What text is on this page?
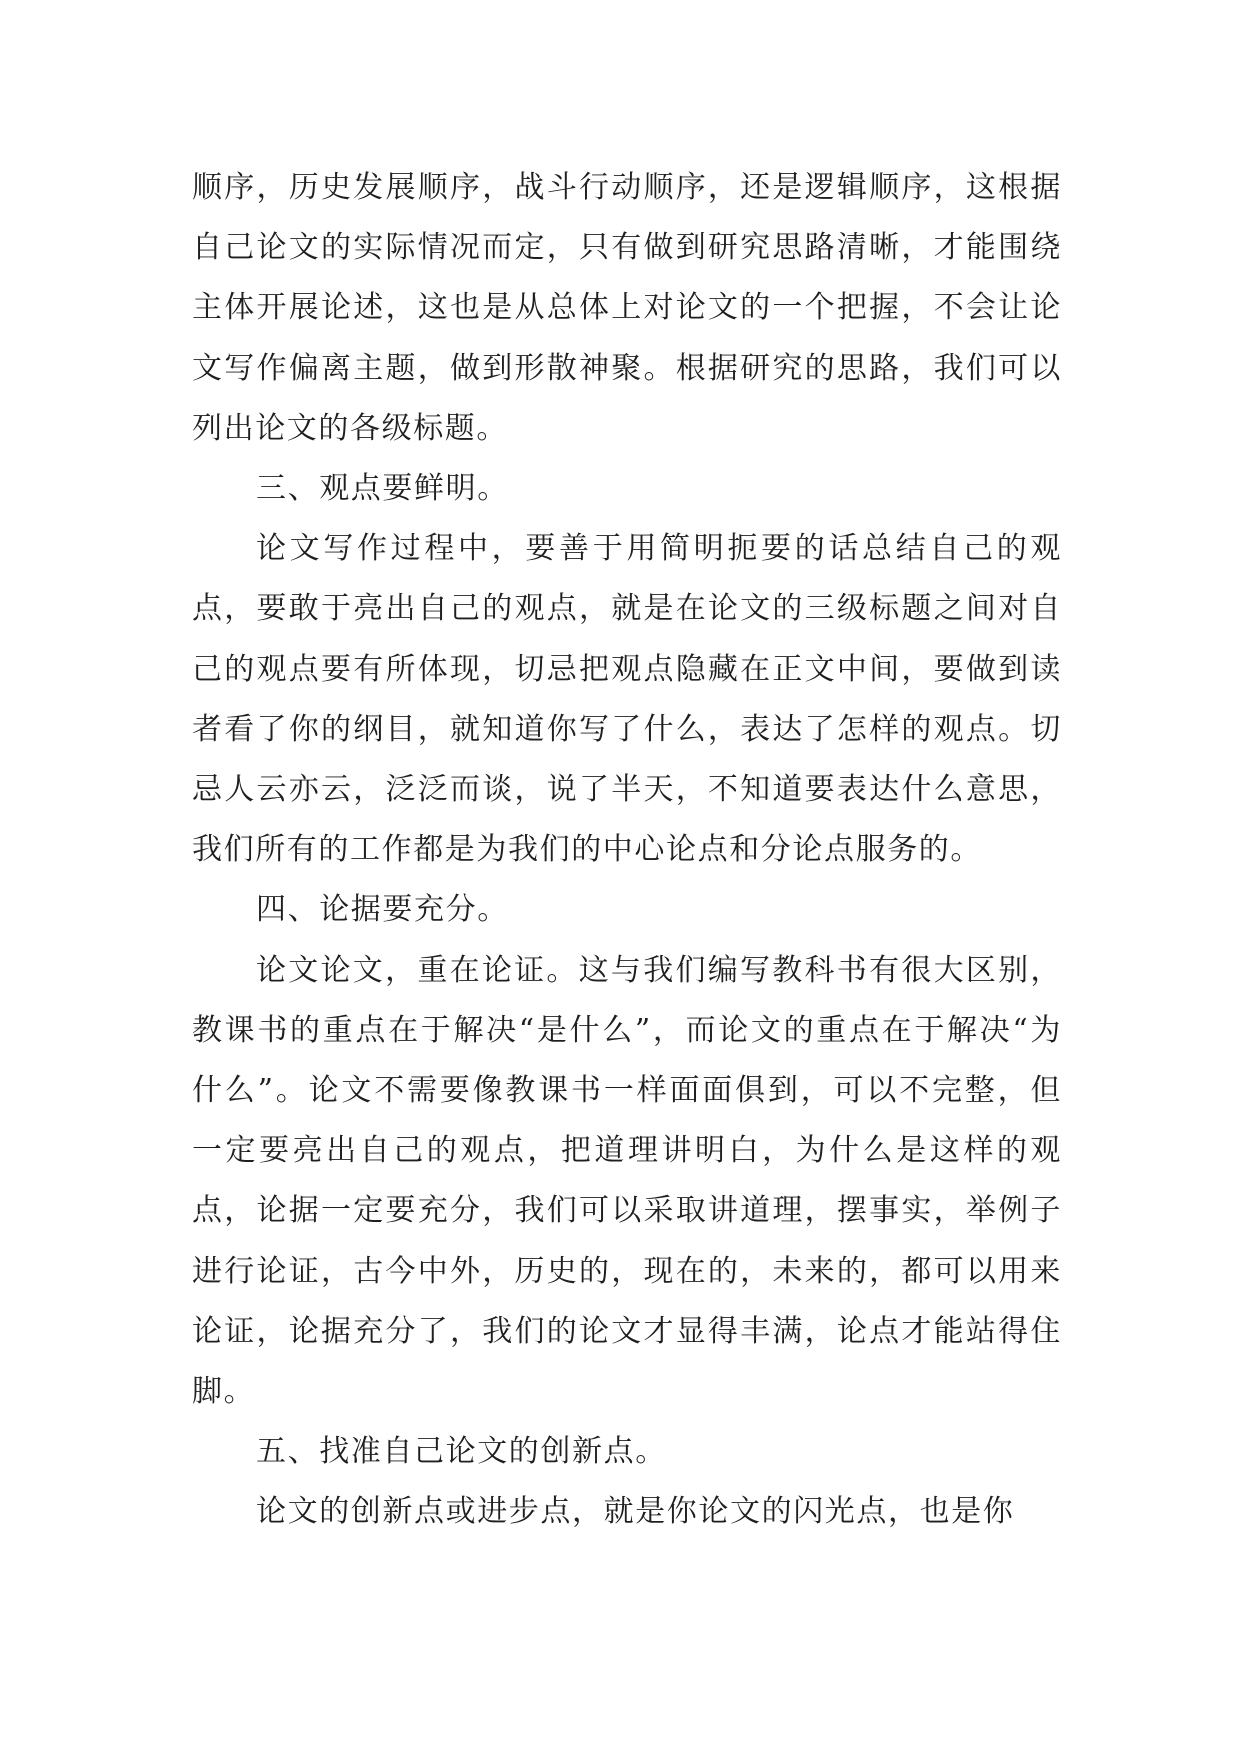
顺序，历史发展顺序，战斗行动顺序，还是逻辑顺序，这根据自己论文的实际情况而定，只有做到研究思路清晰，才能围绕主体开展论述，这也是从总体上对论文的一个把握，不会让论文写作偏离主题，做到形散神聚。根据研究的思路，我们可以列出论文的各级标题。

三、观点要鲜明。

论文写作过程中，要善于用简明扼要的话总结自己的观点，要敢于亮出自己的观点，就是在论文的三级标题之间对自己的观点要有所体现，切忌把观点隐藏在正文中间，要做到读者看了你的纲目，就知道你写了什么，表达了怎样的观点。切忌人云亦云，泛泛而谈，说了半天，不知道要表达什么意思，我们所有的工作都是为我们的中心论点和分论点服务的。

四、论据要充分。

论文论文，重在论证。这与我们编写教科书有很大区别，教课书的重点在于解决“是什么”，而论文的重点在于解决“为什么”。论文不需要像教课书一样面面俱到，可以不完整，但一定要亮出自己的观点，把道理讲明白，为什么是这样的观点，论据一定要充分，我们可以采取讲道理，摆事实，举例子进行论证，古今中外，历史的，现在的，未来的，都可以用来论证，论据充分了，我们的论文才显得丰满，论点才能站得住脚。

五、找准自己论文的创新点。

论文的创新点或进步点，就是你论文的闪光点，也是你
